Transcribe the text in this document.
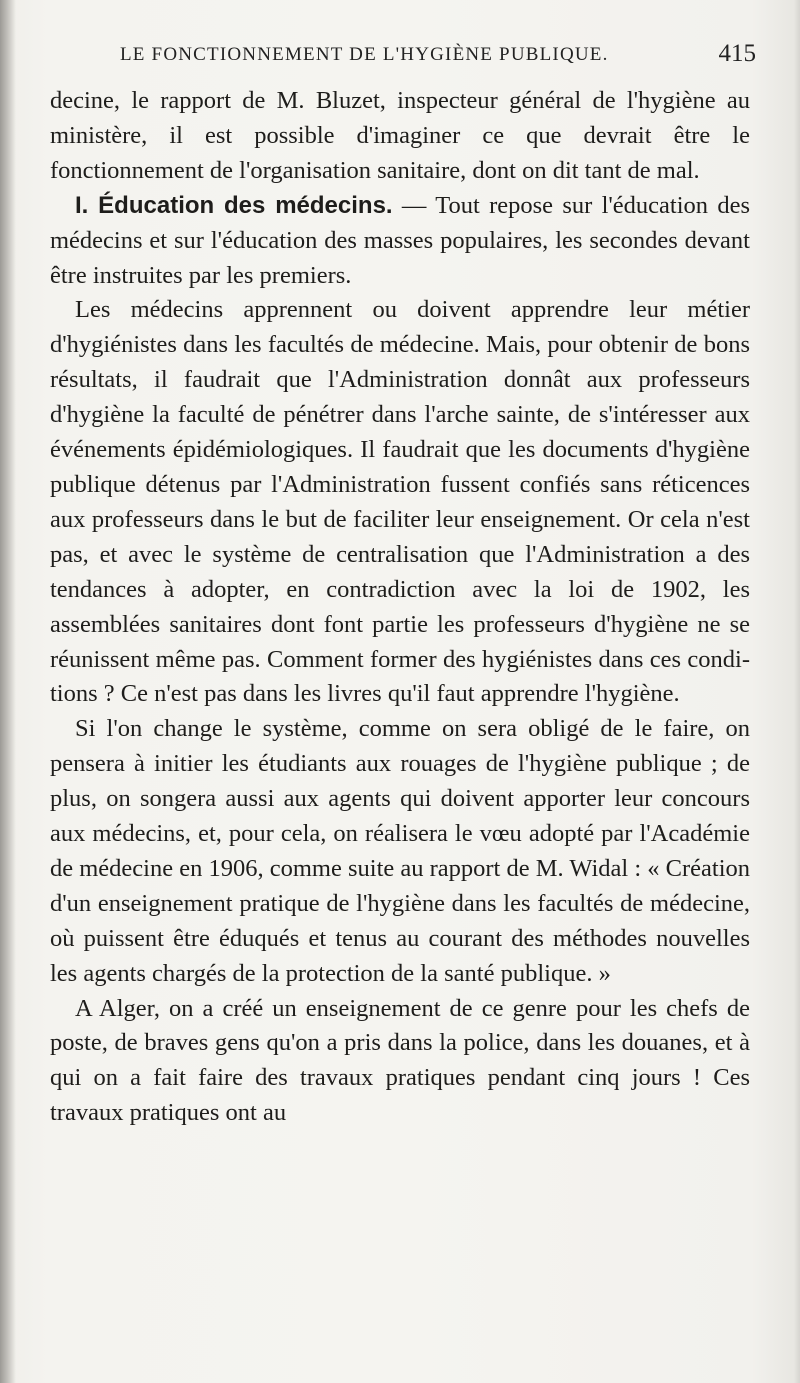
LE FONCTIONNEMENT DE L'HYGIÈNE PUBLIQUE.	415

decine, le rapport de M. Bluzet, inspecteur général de l'hygiène au ministère, il est possible d'imaginer ce que devrait être le fonctionnement de l'organisation sanitaire, dont on dit tant de mal.

I. Éducation des médecins. — Tout repose sur l'éducation des médecins et sur l'éducation des masses populaires, les secondes devant être instruites par les premiers.

Les médecins apprennent ou doivent apprendre leur métier d'hygiénistes dans les facultés de médecine. Mais, pour obtenir de bons résultats, il faudrait que l'Administration donnât aux professeurs d'hygiène la faculté de pénétrer dans l'arche sainte, de s'intéresser aux événements épidémiologiques. Il faudrait que les documents d'hygiène publique détenus par l'Administration fussent confiés sans réticences aux professeurs dans le but de faciliter leur enseignement. Or cela n'est pas, et avec le système de centralisation que l'Administration a des tendances à adopter, en contradiction avec la loi de 1902, les assemblées sanitaires dont font partie les professeurs d'hygiène ne se réunissent même pas. Comment former des hygiénistes dans ces conditions ? Ce n'est pas dans les livres qu'il faut apprendre l'hygiène.

Si l'on change le système, comme on sera obligé de le faire, on pensera à initier les étudiants aux rouages de l'hygiène publique ; de plus, on songera aussi aux agents qui doivent apporter leur concours aux médecins, et, pour cela, on réalisera le vœu adopté par l'Académie de médecine en 1906, comme suite au rapport de M. Widal : « Création d'un enseignement pratique de l'hygiène dans les facultés de médecine, où puissent être éduqués et tenus au courant des méthodes nouvelles les agents chargés de la protection de la santé publique. »

A Alger, on a créé un enseignement de ce genre pour les chefs de poste, de braves gens qu'on a pris dans la police, dans les douanes, et à qui on a fait faire des travaux pratiques pendant cinq jours ! Ces travaux pratiques ont au
